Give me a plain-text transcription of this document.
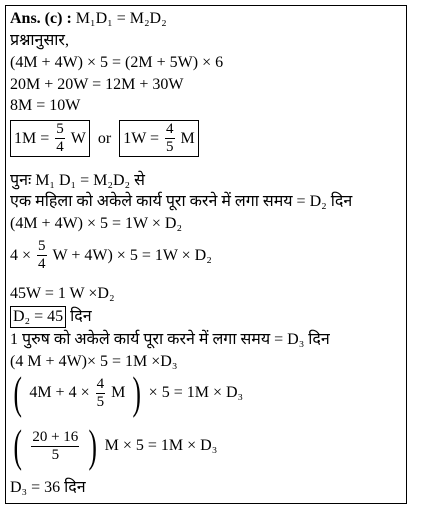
Ans. (c) : M₁D₁ = M₂D₂
प्रश्नानुसार,
(4M + 4W) × 5 = (2M + 5W) × 6
20M + 20W = 12M + 30W
8M = 10W
$1M = \frac{5}{4}$ W or $1W = \frac{4}{5}$ M
पुनः M₁ D₁ = M₂D₂ से
एक महिला को अकेले कार्य पूरा करने में लगा समय = D₂ दिन
(4M + 4W) × 5 = 1W × D₂
$4 \times \frac{5}{4}$ W + 4W) × 5 = 1W × D₂
45W = 1 W ×D₂
D₂ = 45 दिन
1 पुरुष को अकेले कार्य पूरा करने में लगा समय = D₃ दिन
(4 M + 4W)× 5 = 1M ×D₃
( $4M + 4 \times \frac{4}{5}$ M ) × 5 = 1M × D₃
( $\frac{20 + 16}{5}$ ) M × 5 = 1M × D₃
D₃ = 36 दिन
